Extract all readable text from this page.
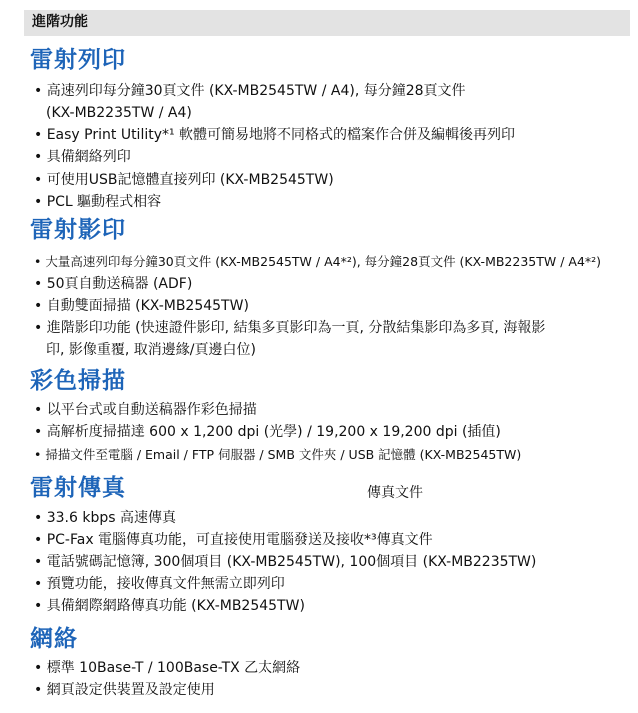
進階功能
雷射列印
• 高速列印每分鐘30頁文件 (KX-MB2545TW / A4), 每分鐘28頁文件
(KX-MB2235TW / A4)
• Easy Print Utility*¹ 軟體可簡易地將不同格式的檔案作合併及編輯後再列印
• 具備網絡列印
• 可使用USB記憶體直接列印 (KX-MB2545TW)
• PCL 驅動程式相容
雷射影印
• 大量高速列印每分鐘30頁文件 (KX-MB2545TW / A4*²), 每分鐘28頁文件 (KX-MB2235TW / A4*²)
• 50頁自動送稿器 (ADF)
• 自動雙面掃描 (KX-MB2545TW)
• 進階影印功能 (快速證件影印, 結集多頁影印為一頁, 分散結集影印為多頁, 海報影
印, 影像重覆, 取消邊緣/頁邊白位)
彩色掃描
• 以平台式或自動送稿器作彩色掃描
• 高解析度掃描達 600 x 1,200 dpi (光學) / 19,200 x 19,200 dpi (插值)
• 掃描文件至電腦 / Email / FTP 伺服器 / SMB 文件夾 / USB 記憶體 (KX-MB2545TW)
雷射傳真	傳真文件
• 33.6 kbps 高速傳真
• PC-Fax 電腦傳真功能，可直接使用電腦發送及接收*³傳真文件
• 電話號碼記憶簿, 300個項目 (KX-MB2545TW), 100個項目 (KX-MB2235TW)
• 預覽功能，接收傳真文件無需立即列印
• 具備網際網路傳真功能 (KX-MB2545TW)
網絡
• 標準 10Base-T / 100Base-TX 乙太網絡
• 網頁設定供裝置及設定使用
